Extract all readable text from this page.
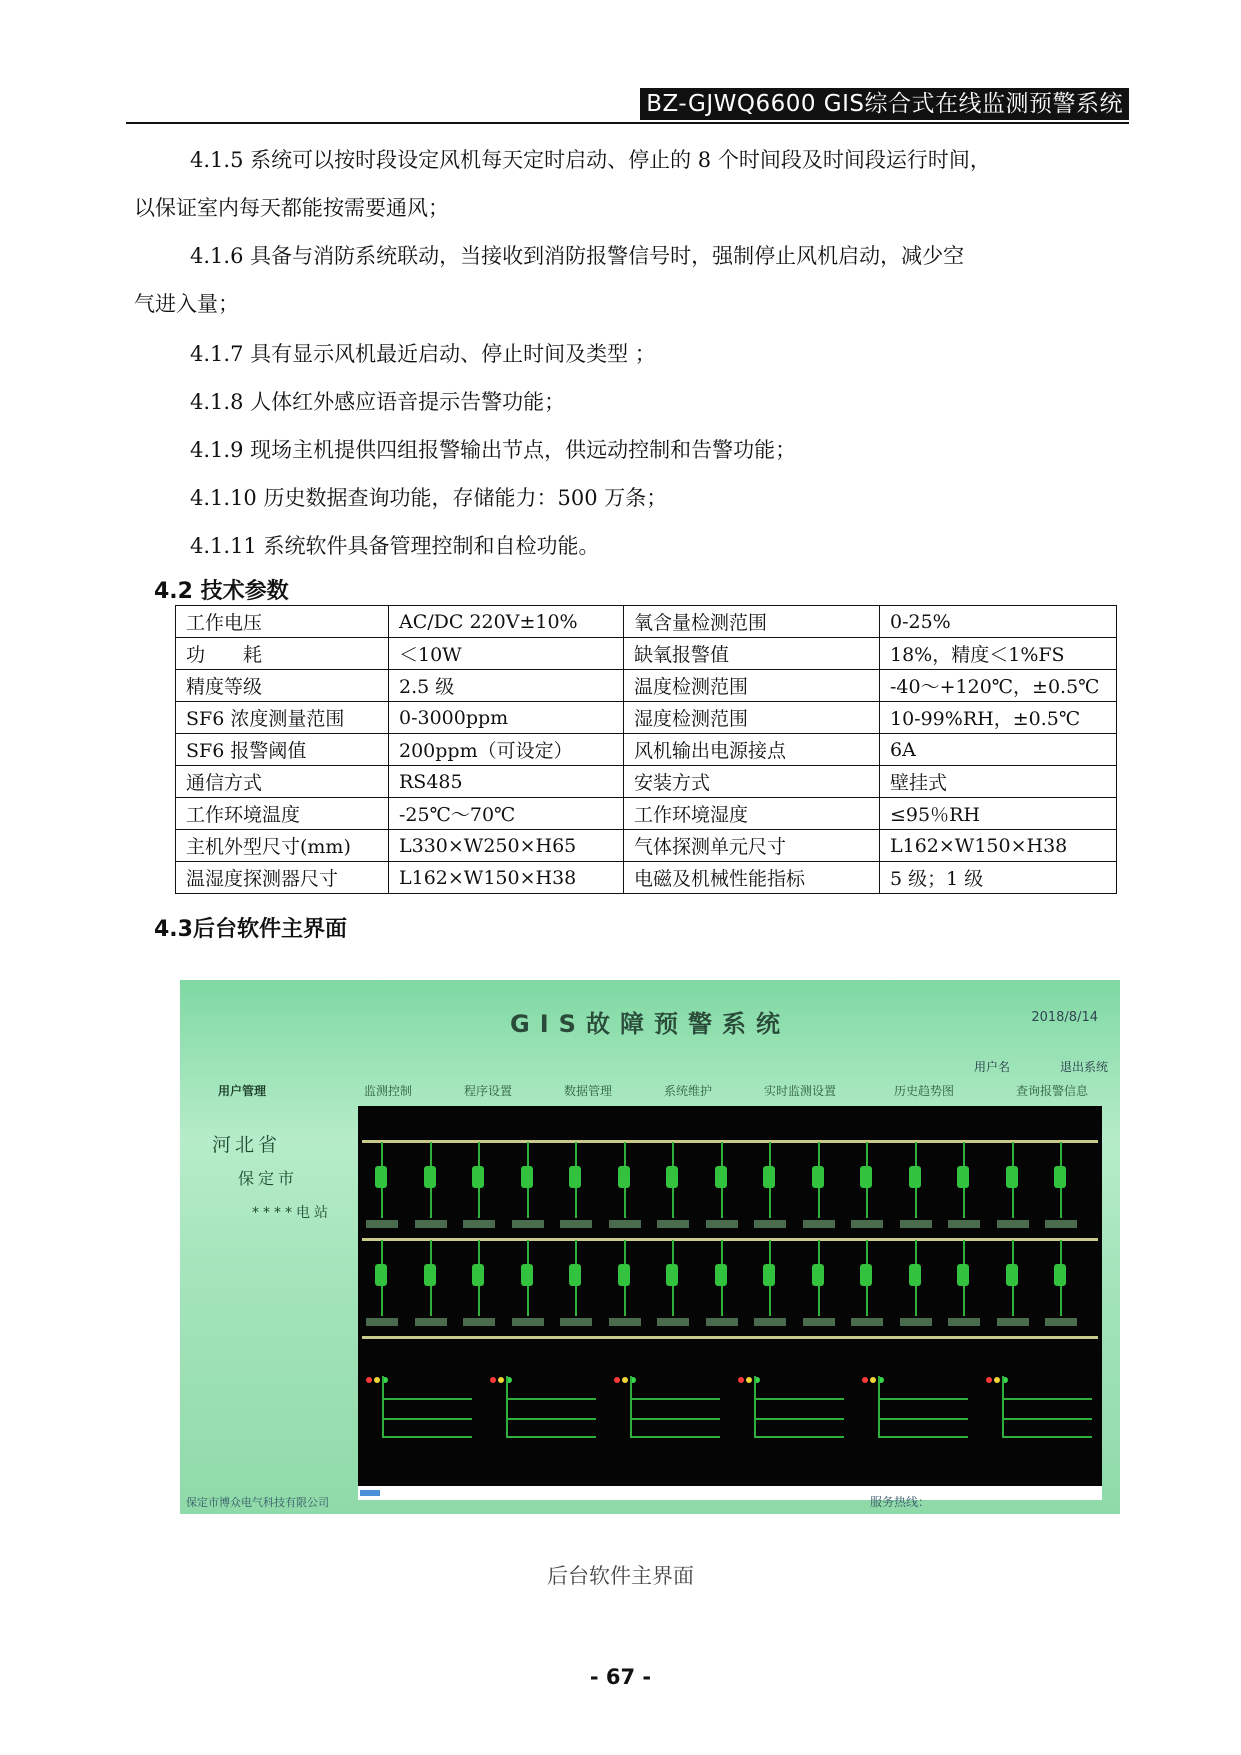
BZ-GJWQ6600 GIS综合式在线监测预警系统
4.1.5 系统可以按时段设定风机每天定时启动、停止的 8 个时间段及时间段运行时间，
以保证室内每天都能按需要通风；
4.1.6 具备与消防系统联动，当接收到消防报警信号时，强制停止风机启动，减少空
气进入量；
4.1.7 具有显示风机最近启动、停止时间及类型 ；
4.1.8 人体红外感应语音提示告警功能；
4.1.9 现场主机提供四组报警输出节点，供远动控制和告警功能；
4.1.10 历史数据查询功能，存储能力：500 万条；
4.1.11 系统软件具备管理控制和自检功能。
4.2 技术参数
工作电压	AC/DC 220V±10%	氧含量检测范围	0-25%
功　　耗	＜10W	缺氧报警值	18%，精度＜1%FS
精度等级	2.5 级	温度检测范围	-40～+120℃，±0.5℃
SF6 浓度测量范围	0-3000ppm	湿度检测范围	10-99%RH，±0.5℃
SF6 报警阈值	200ppm（可设定）	风机输出电源接点	6A
通信方式	RS485	安装方式	壁挂式
工作环境温度	-25℃～70℃	工作环境湿度	≤95％RH
主机外型尺寸(mm)	L330×W250×H65	气体探测单元尺寸	L162×W150×H38
温湿度探测器尺寸	L162×W150×H38	电磁及机械性能指标	5 级；1 级
4.3后台软件主界面
GIS故障预警系统	2018/8/14
用户名	退出系统
用户管理	监测控制	程序设置	数据管理	系统维护	实时监测设置	历史趋势图	查询报警信息
河北省
保定市
****电站
保定市博众电气科技有限公司	服务热线：
后台软件主界面
- 67 -
